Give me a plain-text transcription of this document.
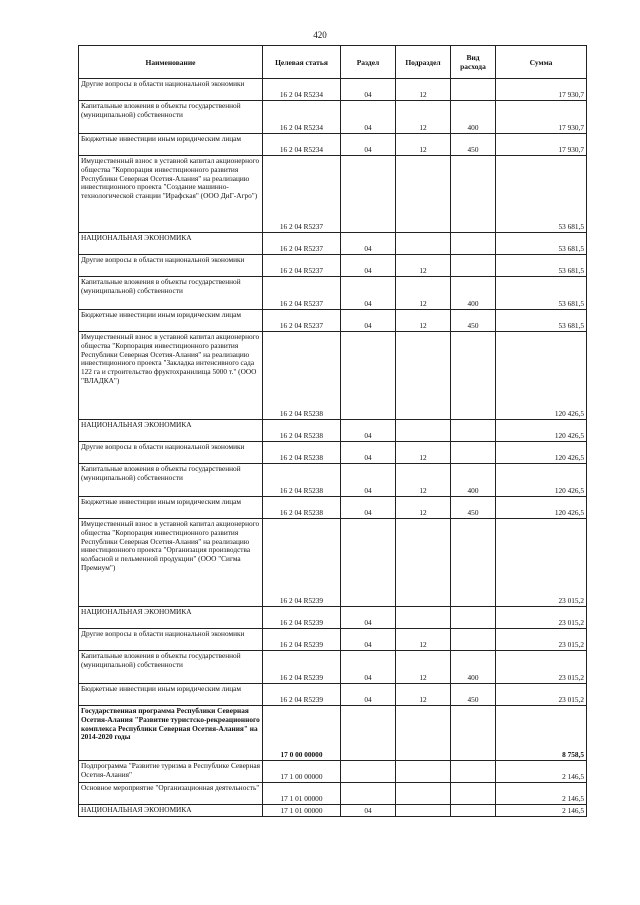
420
Наименование	Целевая статья	Раздел	Подраздел	Вид расхода	Сумма
Другие вопросы в области национальной экономики	16 2 04 R5234	04	12		17 930,7
Капитальные вложения в объекты государственной (муниципальной) собственности	16 2 04 R5234	04	12	400	17 930,7
Бюджетные инвестиции иным юридическим лицам	16 2 04 R5234	04	12	450	17 930,7
Имущественный взнос в уставной капитал акционерного общества "Корпорация инвестиционного развития Республики Северная Осетия-Алания" на реализацию инвестиционного проекта "Создание машинно-технологической станции "Ирафская" (ООО ДиГ-Агро")	16 2 04 R5237				53 681,5
НАЦИОНАЛЬНАЯ ЭКОНОМИКА	16 2 04 R5237	04			53 681,5
Другие вопросы в области национальной экономики	16 2 04 R5237	04	12		53 681,5
Капитальные вложения в объекты государственной (муниципальной) собственности	16 2 04 R5237	04	12	400	53 681,5
Бюджетные инвестиции иным юридическим лицам	16 2 04 R5237	04	12	450	53 681,5
Имущественный взнос в уставной капитал акционерного общества "Корпорация инвестиционного развития Республики Северная Осетия-Алания" на реализацию инвестиционного проекта "Закладка интенсивного сада 122 га и строительство фруктохранилища 5000 т." (ООО "ВЛАДКА")	16 2 04 R5238				120 426,5
НАЦИОНАЛЬНАЯ ЭКОНОМИКА	16 2 04 R5238	04			120 426,5
Другие вопросы в области национальной экономики	16 2 04 R5238	04	12		120 426,5
Капитальные вложения в объекты государственной (муниципальной) собственности	16 2 04 R5238	04	12	400	120 426,5
Бюджетные инвестиции иным юридическим лицам	16 2 04 R5238	04	12	450	120 426,5
Имущественный взнос в уставной капитал акционерного общества "Корпорация инвестиционного развития Республики Северная Осетия-Алания" на реализацию инвестиционного проекта "Организация производства колбасной и пельменной продукции" (ООО "Сигма Премиум")	16 2 04 R5239				23 015,2
НАЦИОНАЛЬНАЯ ЭКОНОМИКА	16 2 04 R5239	04			23 015,2
Другие вопросы в области национальной экономики	16 2 04 R5239	04	12		23 015,2
Капитальные вложения в объекты государственной (муниципальной) собственности	16 2 04 R5239	04	12	400	23 015,2
Бюджетные инвестиции иным юридическим лицам	16 2 04 R5239	04	12	450	23 015,2
Государственная программа Республики Северная Осетия-Алания "Развитие туристско-рекреационного комплекса Республики Северная Осетия-Алания" на 2014-2020 годы	17 0 00 00000				8 758,5
Подпрограмма "Развитие туризма в Республике Северная Осетия-Алания"	17 1 00 00000				2 146,5
Основное мероприятие "Организационная деятельность"	17 1 01 00000				2 146,5
НАЦИОНАЛЬНАЯ ЭКОНОМИКА	17 1 01 00000	04			2 146,5
